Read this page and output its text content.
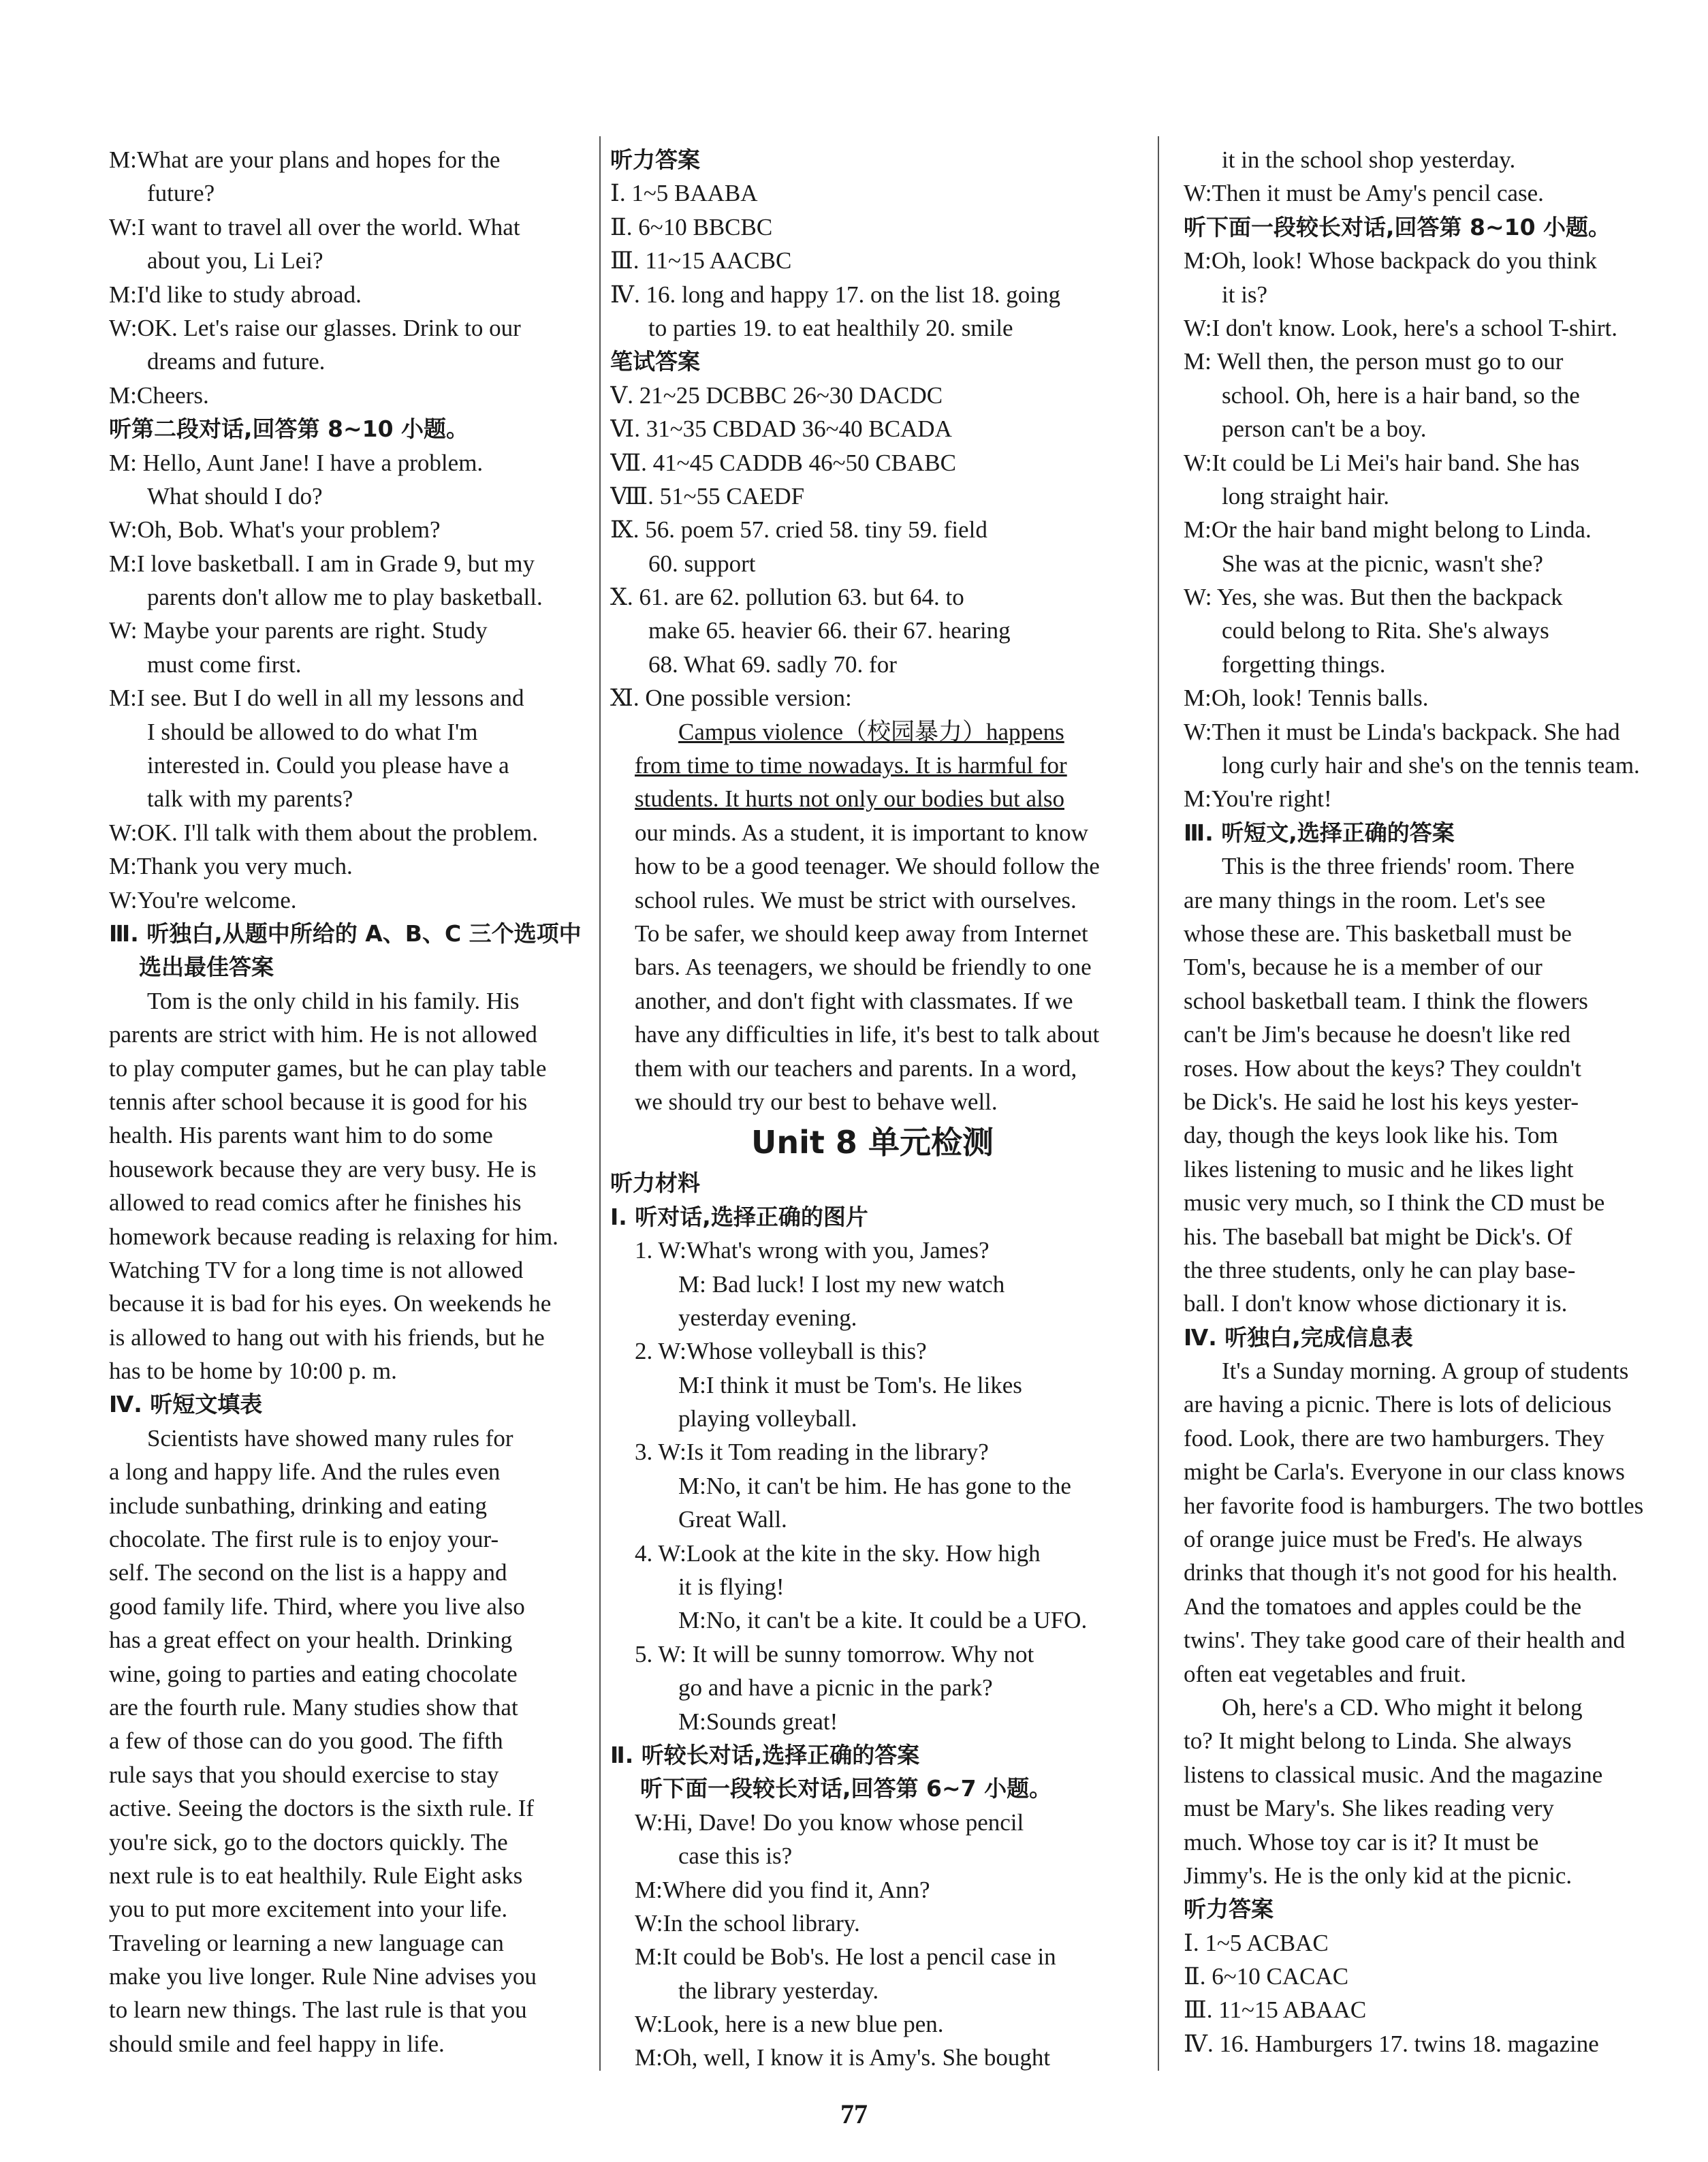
M:What are your plans and hopes for the
future?
W:I want to travel all over the world. What
about you, Li Lei?
M:I'd like to study abroad.
W:OK. Let's raise our glasses. Drink to our
dreams and future.
M:Cheers.
听第二段对话,回答第 8~10 小题。
M: Hello, Aunt Jane! I have a problem.
What should I do?
W:Oh, Bob. What's your problem?
M:I love basketball. I am in Grade 9, but my
parents don't allow me to play basketball.
W: Maybe your parents are right. Study
must come first.
M:I see. But I do well in all my lessons and
I should be allowed to do what I'm
interested in. Could you please have a
talk with my parents?
W:OK. I'll talk with them about the problem.
M:Thank you very much.
W:You're welcome.
Ⅲ. 听独白,从题中所给的 A、B、C 三个选项中
选出最佳答案
Tom is the only child in his family. His
parents are strict with him. He is not allowed
to play computer games, but he can play table
tennis after school because it is good for his
health. His parents want him to do some
housework because they are very busy. He is
allowed to read comics after he finishes his
homework because reading is relaxing for him.
Watching TV for a long time is not allowed
because it is bad for his eyes. On weekends he
is allowed to hang out with his friends, but he
has to be home by 10:00 p. m.
Ⅳ. 听短文填表
Scientists have showed many rules for
a long and happy life. And the rules even
include sunbathing, drinking and eating
chocolate. The first rule is to enjoy your-
self. The second on the list is a happy and
good family life. Third, where you live also
has a great effect on your health. Drinking
wine, going to parties and eating chocolate
are the fourth rule. Many studies show that
a few of those can do you good. The fifth
rule says that you should exercise to stay
active. Seeing the doctors is the sixth rule. If
you're sick, go to the doctors quickly. The
next rule is to eat healthily. Rule Eight asks
you to put more excitement into your life.
Traveling or learning a new language can
make you live longer. Rule Nine advises you
to learn new things. The last rule is that you
should smile and feel happy in life.
听力答案
Ⅰ. 1~5 BAABA
Ⅱ. 6~10 BBCBC
Ⅲ. 11~15 AACBC
Ⅳ. 16. long and happy 17. on the list 18. going
to parties 19. to eat healthily 20. smile
笔试答案
Ⅴ. 21~25 DCBBC 26~30 DACDC
Ⅵ. 31~35 CBDAD 36~40 BCADA
Ⅶ. 41~45 CADDB 46~50 CBABC
Ⅷ. 51~55 CAEDF
Ⅸ. 56. poem 57. cried 58. tiny 59. field
60. support
Ⅹ. 61. are 62. pollution 63. but 64. to
make 65. heavier 66. their 67. hearing
68. What 69. sadly 70. for
Ⅺ. One possible version:
Campus violence（校园暴力）happens
from time to time nowadays. It is harmful for
students. It hurts not only our bodies but also
our minds. As a student, it is important to know
how to be a good teenager. We should follow the
school rules. We must be strict with ourselves.
To be safer, we should keep away from Internet
bars. As teenagers, we should be friendly to one
another, and don't fight with classmates. If we
have any difficulties in life, it's best to talk about
them with our teachers and parents. In a word,
we should try our best to behave well.
Unit 8 单元检测
听力材料
Ⅰ. 听对话,选择正确的图片
1. W:What's wrong with you, James?
M: Bad luck! I lost my new watch
yesterday evening.
2. W:Whose volleyball is this?
M:I think it must be Tom's. He likes
playing volleyball.
3. W:Is it Tom reading in the library?
M:No, it can't be him. He has gone to the
Great Wall.
4. W:Look at the kite in the sky. How high
it is flying!
M:No, it can't be a kite. It could be a UFO.
5. W: It will be sunny tomorrow. Why not
go and have a picnic in the park?
M:Sounds great!
Ⅱ. 听较长对话,选择正确的答案
听下面一段较长对话,回答第 6~7 小题。
W:Hi, Dave! Do you know whose pencil
case this is?
M:Where did you find it, Ann?
W:In the school library.
M:It could be Bob's. He lost a pencil case in
the library yesterday.
W:Look, here is a new blue pen.
M:Oh, well, I know it is Amy's. She bought
it in the school shop yesterday.
W:Then it must be Amy's pencil case.
听下面一段较长对话,回答第 8~10 小题。
M:Oh, look! Whose backpack do you think
it is?
W:I don't know. Look, here's a school T-shirt.
M: Well then, the person must go to our
school. Oh, here is a hair band, so the
person can't be a boy.
W:It could be Li Mei's hair band. She has
long straight hair.
M:Or the hair band might belong to Linda.
She was at the picnic, wasn't she?
W: Yes, she was. But then the backpack
could belong to Rita. She's always
forgetting things.
M:Oh, look! Tennis balls.
W:Then it must be Linda's backpack. She had
long curly hair and she's on the tennis team.
M:You're right!
Ⅲ. 听短文,选择正确的答案
This is the three friends' room. There
are many things in the room. Let's see
whose these are. This basketball must be
Tom's, because he is a member of our
school basketball team. I think the flowers
can't be Jim's because he doesn't like red
roses. How about the keys? They couldn't
be Dick's. He said he lost his keys yester-
day, though the keys look like his. Tom
likes listening to music and he likes light
music very much, so I think the CD must be
his. The baseball bat might be Dick's. Of
the three students, only he can play base-
ball. I don't know whose dictionary it is.
Ⅳ. 听独白,完成信息表
It's a Sunday morning. A group of students
are having a picnic. There is lots of delicious
food. Look, there are two hamburgers. They
might be Carla's. Everyone in our class knows
her favorite food is hamburgers. The two bottles
of orange juice must be Fred's. He always
drinks that though it's not good for his health.
And the tomatoes and apples could be the
twins'. They take good care of their health and
often eat vegetables and fruit.
Oh, here's a CD. Who might it belong
to? It might belong to Linda. She always
listens to classical music. And the magazine
must be Mary's. She likes reading very
much. Whose toy car is it? It must be
Jimmy's. He is the only kid at the picnic.
听力答案
Ⅰ. 1~5 ACBAC
Ⅱ. 6~10 CACAC
Ⅲ. 11~15 ABAAC
Ⅳ. 16. Hamburgers 17. twins 18. magazine
77
